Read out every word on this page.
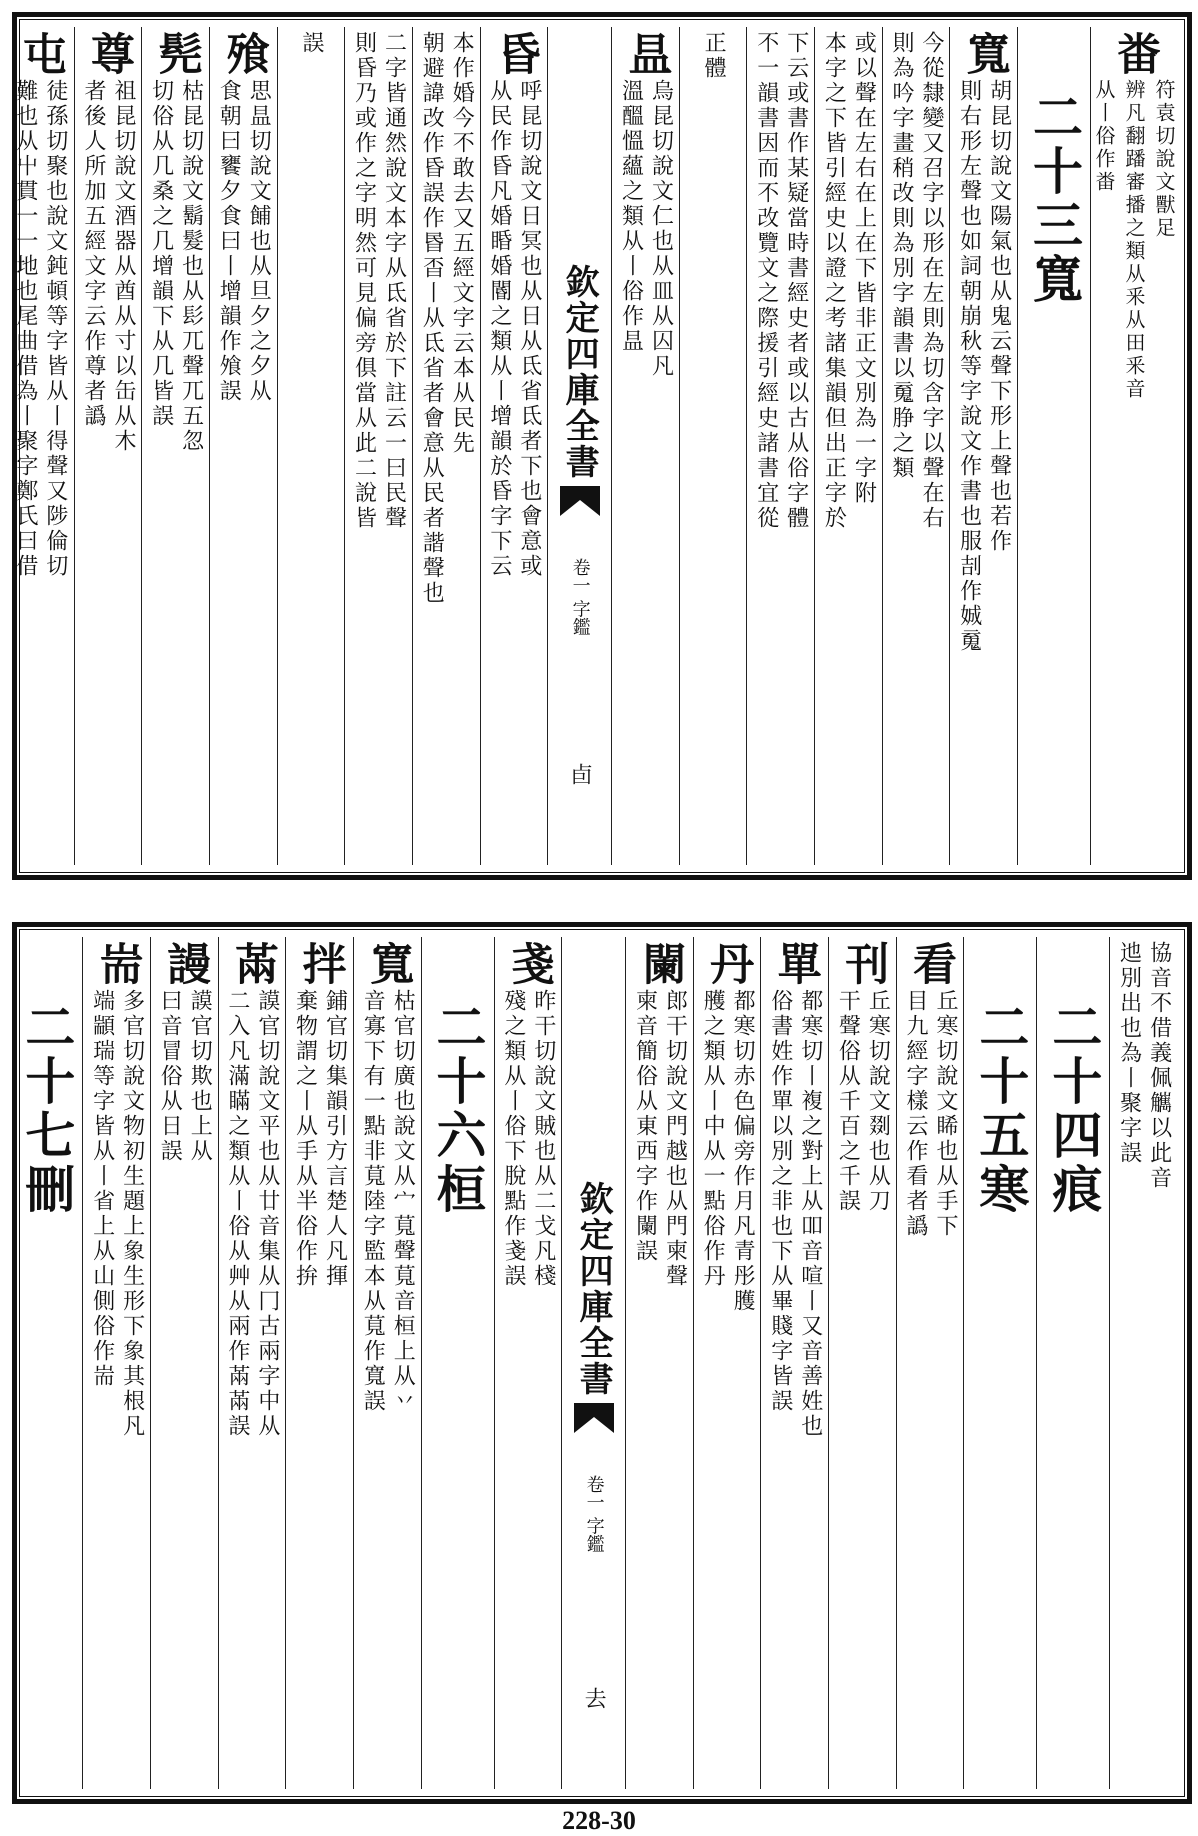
畨
符袁切說文獸足
辨凡翻蹯審播之類从釆从田釆音
从丨俗作畨
二十三寬
寬
胡昆切說文陽氣也从鬼云聲下形上聲也若作
則右形左聲也如詞朝崩秋等字說文作書也服㓤作娍䰟
今從隸變又召字以形在左則為切含字以聲在右
則為吟字畫稍改則為別字韻書以䰟㬹之類
或以聲在左右在上在下皆非正文別為一字附
本字之下皆引經史以證之考諸集韻但出正字於
下云或書作某疑當時書經史者或以古从俗字體
不一韻書因而不改覽文之際援引經史諸書宜從
正體
昷
烏昆切說文仁也从皿从囚凡
溫醞慍蘊之類从丨俗作昷
欽定四庫全書
卷一 字鑑
卣
昏
呼昆切說文日冥也从日从氐省氐者下也會意或
从民作昏凡婚睧婚閽之類从丨增韻於昏字下云
本作婚今不敢去又五經文字云本从民先
朝避諱改作昏誤作昬㫘丨从氐省者會意从民者諧聲也
二字皆通然說文本字从氐省於下註云一曰民聲
則昏乃或作之字明然可見偏旁俱當从此二說皆
誤
飱
思昷切說文餔也从旦夕之夕从
食朝曰饔夕食曰丨增韻作飧誤
髡
枯昆切說文鬍髮也从髟兀聲兀五忽
切俗从几桑之几增韻下从几皆誤
尊
祖昆切說文酒器从酋从寸以缶从木
者後人所加五經文字云作尊者譌
屯
徒孫切聚也說文鈍頓等字皆从丨得聲又陟倫切
難也从屮貫一一地也尾曲借為丨聚字鄭氏曰借
協音不借義佩觽以此音
迆別出也為丨聚字誤
二十四痕
二十五寒
看
丘寒切說文睎也从手下
目九經字樣云作看者譌
刊
丘寒切說文剟也从刀
干聲俗从千百之千誤
單
都寒切丨複之對上从吅音喧丨又音善姓也
俗書姓作單以別之非也下从畢賤字皆誤
丹
都寒切赤色偏旁作月凡青彤臒
雘之類从丨中从一點俗作丹
闌
郎干切說文門越也从門柬聲
柬音簡俗从東西字作闌誤
欽定四庫全書
卷一 字鑑
去
戔
昨干切說文賊也从二戈凡棧
殘之類从丨俗下脫點作戔誤
二十六桓
寬
枯官切廣也說文从宀萈聲萈音桓上从丷
音寡下有一點非萈陸字監本从萈作寬誤
拌
鋪官切集韻引方言楚人凡揮
棄物謂之丨从手从半俗作拚
㒼
謨官切說文平也从廿音集从冂古兩字中从
二入凡滿瞞之類从丨俗从艸从兩作㒼㒼誤
謾
謨官切欺也上从
曰音冒俗从日誤
耑
多官切說文物初生題上象生形下象其根凡
端顓瑞等字皆从丨省上从山側俗作耑
二十七刪
228-30
